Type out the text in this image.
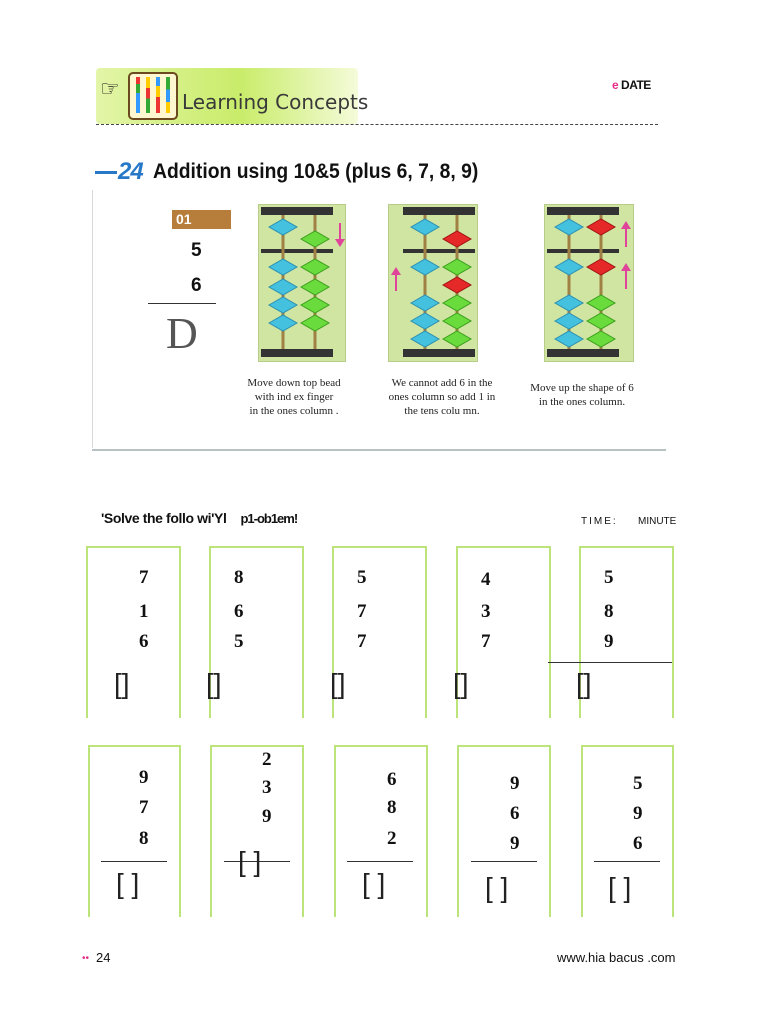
☞
Learning Concepts
e DATE
24 Addition using 10&5 (plus 6, 7, 8, 9)
01
5
6
D
Move down top bead
with ind ex finger
in the ones column .
We cannot add 6 in the
ones column so add 1 in
the tens colu mn.
Move up the shape of 6
in the ones column.
'Solve the follo wi'Yl p1-ob1em!	TIME: MINUTE
7
1
6
[]
8
6
5
[]
5
7
7
[]
4
3
7
[]
5
8
9
[]
9
7
8
[ ]
2
3
9
[ ]
6
8
2
[ ]
9
6
9
[ ]
5
9
6
[ ]
•• 24	www.hia bacus .com
